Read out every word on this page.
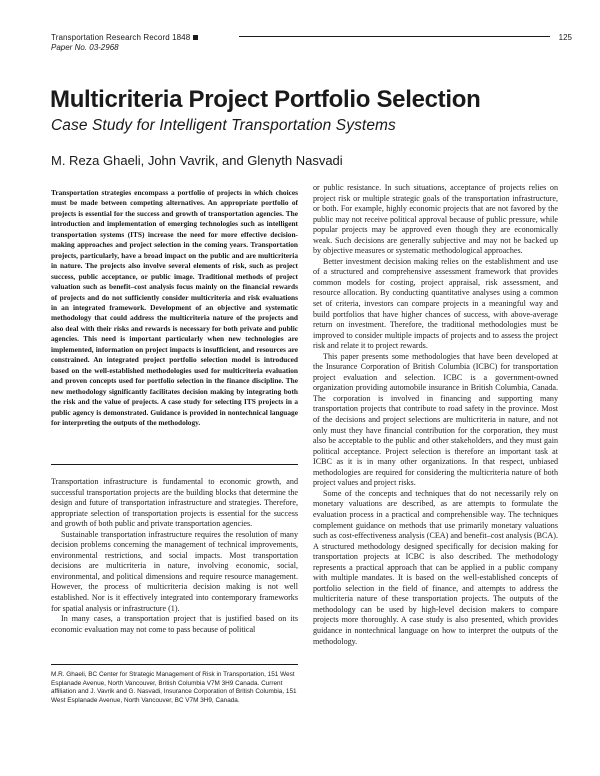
Transportation Research Record 1848	125
Paper No. 03-2968
Multicriteria Project Portfolio Selection
Case Study for Intelligent Transportation Systems
M. Reza Ghaeli, John Vavrik, and Glenyth Nasvadi

Transportation strategies encompass a portfolio of projects in which choices must be made between competing alternatives. An appropriate portfolio of projects is essential for the success and growth of transportation agencies. The introduction and implementation of emerging technologies such as intelligent transportation systems (ITS) increase the need for more effective decision-making approaches and project selection in the coming years. Transportation projects, particularly, have a broad impact on the public and are multicriteria in nature. The projects also involve several elements of risk, such as project success, public acceptance, or public image. Traditional methods of project valuation such as benefit–cost analysis focus mainly on the financial rewards of projects and do not sufficiently consider multicriteria and risk evaluations in an integrated framework. Development of an objective and systematic methodology that could address the multicriteria nature of the projects and also deal with their risks and rewards is necessary for both private and public agencies. This need is important particularly when new technologies are implemented, information on project impacts is insufficient, and resources are constrained. An integrated project portfolio selection model is introduced based on the well-established methodologies used for multicriteria evaluation and proven concepts used for portfolio selection in the finance discipline. The new methodology significantly facilitates decision making by integrating both the risk and the value of projects. A case study for selecting ITS projects in a public agency is demonstrated. Guidance is provided in nontechnical language for interpreting the outputs of the methodology.

Transportation infrastructure is fundamental to economic growth, and successful transportation projects are the building blocks that determine the design and future of transportation infrastructure and strategies. Therefore, appropriate selection of transportation projects is essential for the success and growth of both public and private transportation agencies.

Sustainable transportation infrastructure requires the resolution of many decision problems concerning the management of technical improvements, environmental restrictions, and social impacts. Most transportation decisions are multicriteria in nature, involving economic, social, environmental, and political dimensions and require resource management. However, the process of multicriteria decision making is not well established. Nor is it effectively integrated into contemporary frameworks for spatial analysis or infrastructure (1).

In many cases, a transportation project that is justified based on its economic evaluation may not come to pass because of political

M.R. Ghaeli, BC Center for Strategic Management of Risk in Transportation, 151 West Esplanade Avenue, North Vancouver, British Columbia V7M 3H9 Canada. Current affiliation and J. Vavrik and G. Nasvadi, Insurance Corporation of British Columbia, 151 West Esplanade Avenue, North Vancouver, BC V7M 3H9, Canada.

or public resistance. In such situations, acceptance of projects relies on project risk or multiple strategic goals of the transportation infrastructure, or both. For example, highly economic projects that are not favored by the public may not receive political approval because of public pressure, while popular projects may be approved even though they are economically weak. Such decisions are generally subjective and may not be backed up by objective measures or systematic methodological approaches.

Better investment decision making relies on the establishment and use of a structured and comprehensive assessment framework that provides common models for costing, project appraisal, risk assessment, and resource allocation. By conducting quantitative analyses using a common set of criteria, investors can compare projects in a meaningful way and build portfolios that have higher chances of success, with above-average return on investment. Therefore, the traditional methodologies must be improved to consider multiple impacts of projects and to assess the project risk and relate it to project rewards.

This paper presents some methodologies that have been developed at the Insurance Corporation of British Columbia (ICBC) for transportation project evaluation and selection. ICBC is a government-owned organization providing automobile insurance in British Columbia, Canada. The corporation is involved in financing and supporting many transportation projects that contribute to road safety in the province. Most of the decisions and project selections are multicriteria in nature, and not only must they have financial contribution for the corporation, they must also be acceptable to the public and other stakeholders, and they must gain political acceptance. Project selection is therefore an important task at ICBC as it is in many other organizations. In that respect, unbiased methodologies are required for considering the multicriteria nature of both project values and project risks.

Some of the concepts and techniques that do not necessarily rely on monetary valuations are described, as are attempts to formulate the evaluation process in a practical and comprehensible way. The techniques complement guidance on methods that use primarily monetary valuations such as cost-effectiveness analysis (CEA) and benefit–cost analysis (BCA). A structured methodology designed specifically for decision making for transportation projects at ICBC is also described. The methodology represents a practical approach that can be applied in a public company with multiple mandates. It is based on the well-established concepts of portfolio selection in the field of finance, and attempts to address the multicriteria nature of these transportation projects. The outputs of the methodology can be used by high-level decision makers to compare projects more thoroughly. A case study is also presented, which provides guidance in nontechnical language on how to interpret the outputs of the methodology.
